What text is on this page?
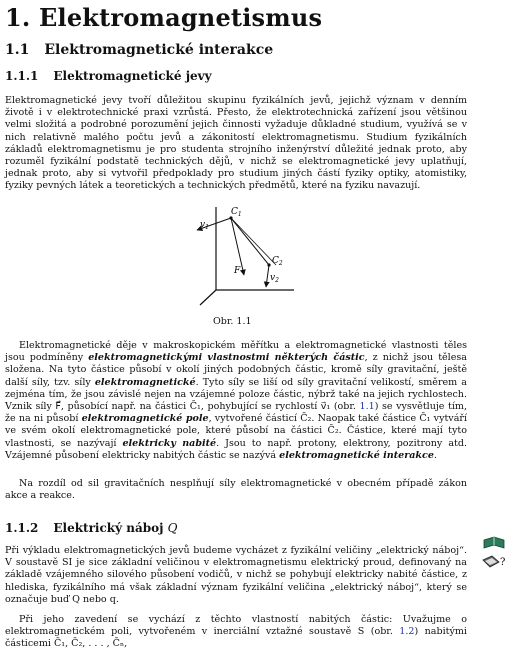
1. Elektromagnetismus
1.1 Elektromagnetické interakce
1.1.1 Elektromagnetické jevy

Elektromagnetické jevy tvoří důležitou skupinu fyzikálních jevů, jejichž význam v denním životě i v elektrotechnické praxi vzrůstá. Přesto, že elektrotechnická zařízení jsou většinou velmi složitá a podrobné porozumění jejich činnosti vyžaduje důkladné studium, využívá se v nich relativně malého počtu jevů a zákonitostí elektromagnetismu. Studium fyzikálních základů elektromagnetismu je pro studenta strojního inženýrství důležité jednak proto, aby rozuměl fyzikální podstatě technických dějů, v nichž se elektromagnetické jevy uplatňují, jednak proto, aby si vytvořil předpoklady pro studium jiných částí fyziky optiky, atomistiky, fyziky pevných látek a teoretických a technických předmětů, které na fyziku navazují.

$C_1$
$v_1$
F
$C_2$
$v_2$
Obr. 1.1

Elektromagnetické děje v makroskopickém měřítku a elektromagnetické vlastnosti těles jsou podmíněny elektromagnetickými vlastnostmi některých částic, z nichž jsou tělesa složena. Na tyto částice působí v okolí jiných podobných částic, kromě síly gravitační, ještě další síly, tzv. síly elektromagnetické. Tyto síly se liší od síly gravitační velikostí, směrem a zejména tím, že jsou závislé nejen na vzájemné poloze částic, nýbrž také na jejich rychlostech. Vznik síly F⃗, působící např. na částici C̄₁, pohybující se rychlostí v⃗₁ (obr. 1.1) se vysvětluje tím, že na ni působí elektromagnetické pole, vytvořené částicí C̄₂. Naopak také částice C̄₁ vytváří ve svém okolí elektromagnetické pole, které působí na částici C̄₂. Částice, které mají tyto vlastnosti, se nazývají elektricky nabité. Jsou to např. protony, elektrony, pozitrony atd. Vzájemné působení elektricky nabitých částic se nazývá elektromagnetické interakce.

Na rozdíl od sil gravitačních nesplňují síly elektromagnetické v obecném případě zákon akce a reakce.

1.1.2 Elektrický náboj Q

Při výkladu elektromagnetických jevů budeme vycházet z fyzikální veličiny „elektrický náboj“. V soustavě SI je sice základní veličinou v elektromagnetismu elektrický proud, definovaný na základě vzájemného silového působení vodičů, v nichž se pohybují elektricky nabité částice, z hlediska, fyzikálního má však základní význam fyzikální veličina „elektrický náboj“, který se označuje buď Q nebo q.

Při jeho zavedení se vychází z těchto vlastností nabitých částic: Uvažujme o elektromagnetickém poli, vytvořeném v inerciální vztažné soustavě S (obr. 1.2) nabitými částicemi C̄₁, C̄₂, . . . , C̄ₙ,

?
